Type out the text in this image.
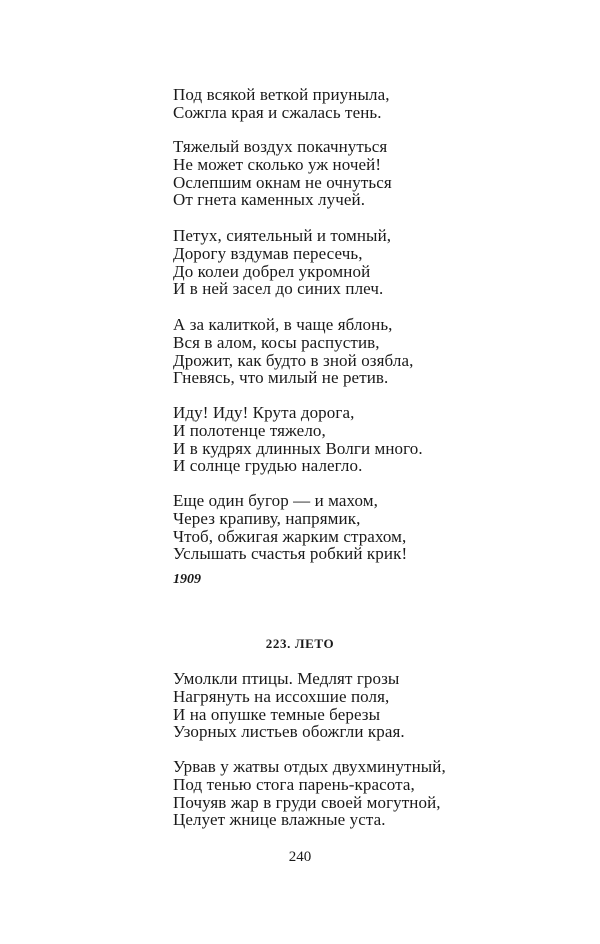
Под всякой веткой приуныла,
Сожгла края и сжалась тень.
Тяжелый воздух покачнуться
Не может сколько уж ночей!
Ослепшим окнам не очнуться
От гнета каменных лучей.
Петух, сиятельный и томный,
Дорогу вздумав пересечь,
До колеи добрел укромной
И в ней засел до синих плеч.
А за калиткой, в чаще яблонь,
Вся в алом, косы распустив,
Дрожит, как будто в зной озябла,
Гневясь, что милый не ретив.
Иду! Иду! Крута дорога,
И полотенце тяжело,
И в кудрях длинных Волги много.
И солнце грудью налегло.
Еще один бугор — и махом,
Через крапиву, напрямик,
Чтоб, обжигая жарким страхом,
Услышать счастья робкий крик!
1909
223. ЛЕТО
Умолкли птицы. Медлят грозы
Нагрянуть на иссохшие поля,
И на опушке темные березы
Узорных листьев обожгли края.
Урвав у жатвы отдых двухминутный,
Под тенью стога парень-красота,
Почуяв жар в груди своей могутной,
Целует жнице влажные уста.
240
